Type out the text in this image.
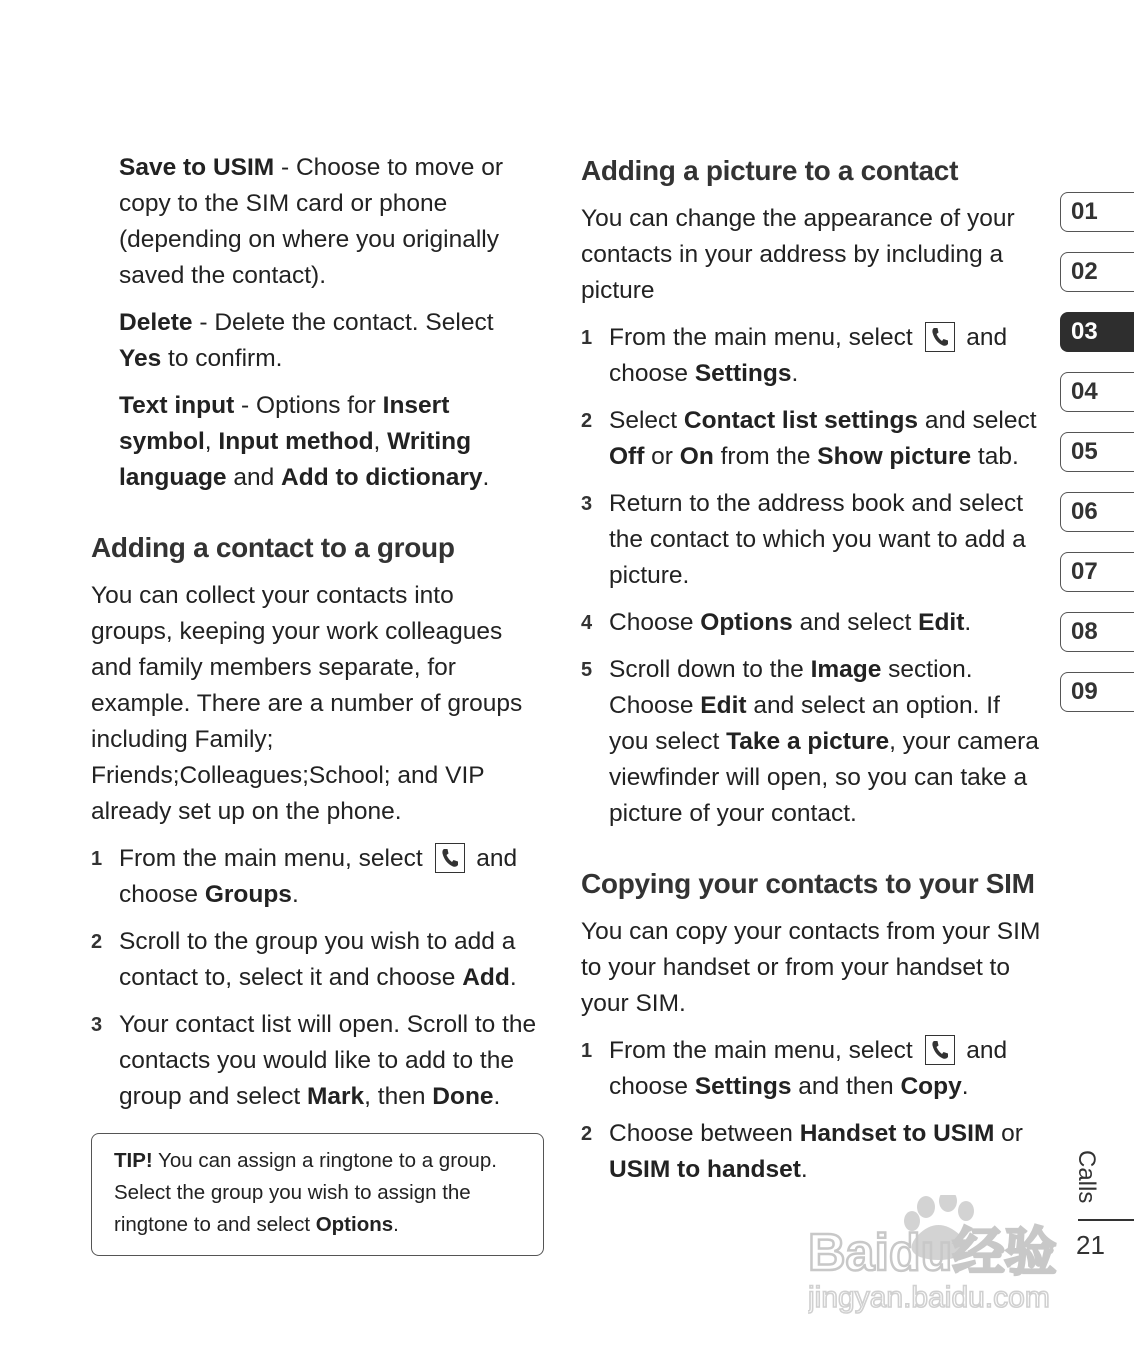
Save to USIM - Choose to move or copy to the SIM card or phone (depending on where you originally saved the contact).

Delete - Delete the contact. Select Yes to confirm.

Text input - Options for Insert symbol, Input method, Writing language and Add to dictionary.

Adding a contact to a group

You can collect your contacts into groups, keeping your work colleagues and family members separate, for example. There are a number of groups including Family; Friends;Colleagues;School; and VIP already set up on the phone.

1 From the main menu, select
and choose Groups.

2 Scroll to the group you wish to add a contact to, select it and choose Add.

3 Your contact list will open. Scroll to the contacts you would like to add to the group and select Mark, then Done.

TIP! You can assign a ringtone to a group. Select the group you wish to assign the ringtone to and select Options.

Adding a picture to a contact

You can change the appearance of your contacts in your address by including a picture

1 From the main menu, select
and choose Settings.

2 Select Contact list settings and select Off or On from the Show picture tab.

3 Return to the address book and select the contact to which you want to add a picture.

4 Choose Options and select Edit.

5 Scroll down to the Image section. Choose Edit and select an option. If you select Take a picture, your camera viewfinder will open, so you can take a picture of your contact.

Copying your contacts to your SIM

You can copy your contacts from your SIM to your handset or from your handset to your SIM.

1 From the main menu, select
and choose Settings and then Copy.

2 Choose between Handset to USIM or USIM to handset.

01
02
03
04
05
06
07
08
09
Calls
21
Baidu经验
jingyan.baidu.com
